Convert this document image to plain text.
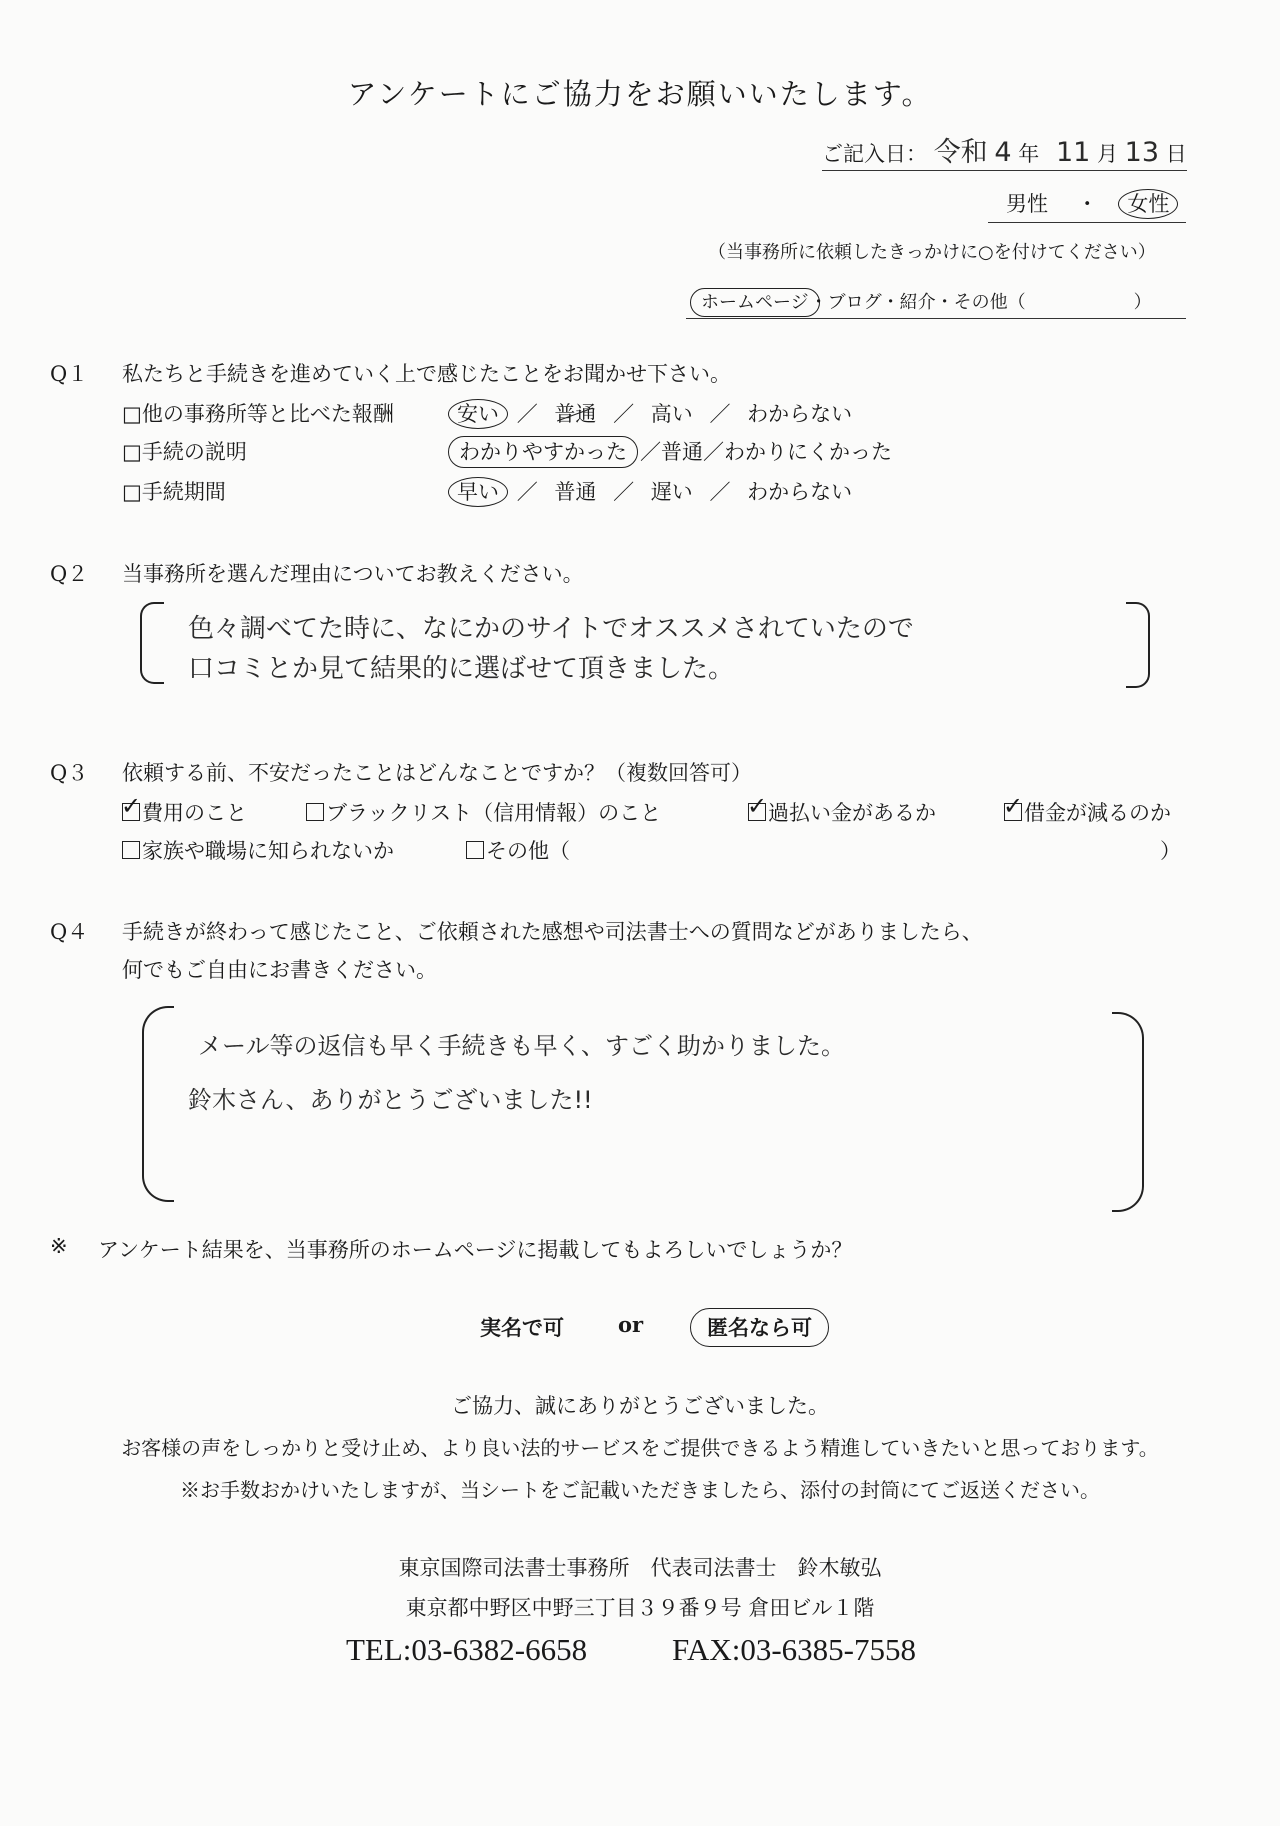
アンケートにご協力をお願いいたします。
ご記入日： 令和 4 年 11 月 13 日
男性 ・ 女性
（当事務所に依頼したきっかけに○を付けてください）
ホームページ・ブログ・紹介・その他（　　　　　　）
Q１ 私たちと手続きを進めていく上で感じたことをお聞かせ下さい。
□他の事務所等と比べた報酬	安い ／ 普通 ／ 高い ／ わからない
□手続の説明	わかりやすかった ／普通／わかりにくかった
□手続期間	早い ／ 普通 ／ 遅い ／ わからない
Q２ 当事務所を選んだ理由についてお教えください。
色々調べてた時に、なにかのサイトでオススメされていたので
口コミとか見て結果的に選ばせて頂きました。
Q３ 依頼する前、不安だったことはどんなことですか？（複数回答可）
✓費用のこと	ブラックリスト（信用情報）のこと ✓	過払い金があるか ✓	借金が減るのか
家族や職場に知られないか	その他（	）
Q４ 手続きが終わって感じたこと、ご依頼された感想や司法書士への質問などがありましたら、
何でもご自由にお書きください。
メール等の返信も早く手続きも早く、すごく助かりました。
鈴木さん、ありがとうございました!!
※ アンケート結果を、当事務所のホームページに掲載してもよろしいでしょうか？
実名で可	or	匿名なら可
ご協力、誠にありがとうございました。
お客様の声をしっかりと受け止め、より良い法的サービスをご提供できるよう精進していきたいと思っております。
※お手数おかけいたしますが、当シートをご記載いただきましたら、添付の封筒にてご返送ください。
東京国際司法書士事務所　代表司法書士　鈴木敏弘
東京都中野区中野三丁目３９番９号 倉田ビル１階
TEL:03-6382-6658	FAX:03-6385-7558
